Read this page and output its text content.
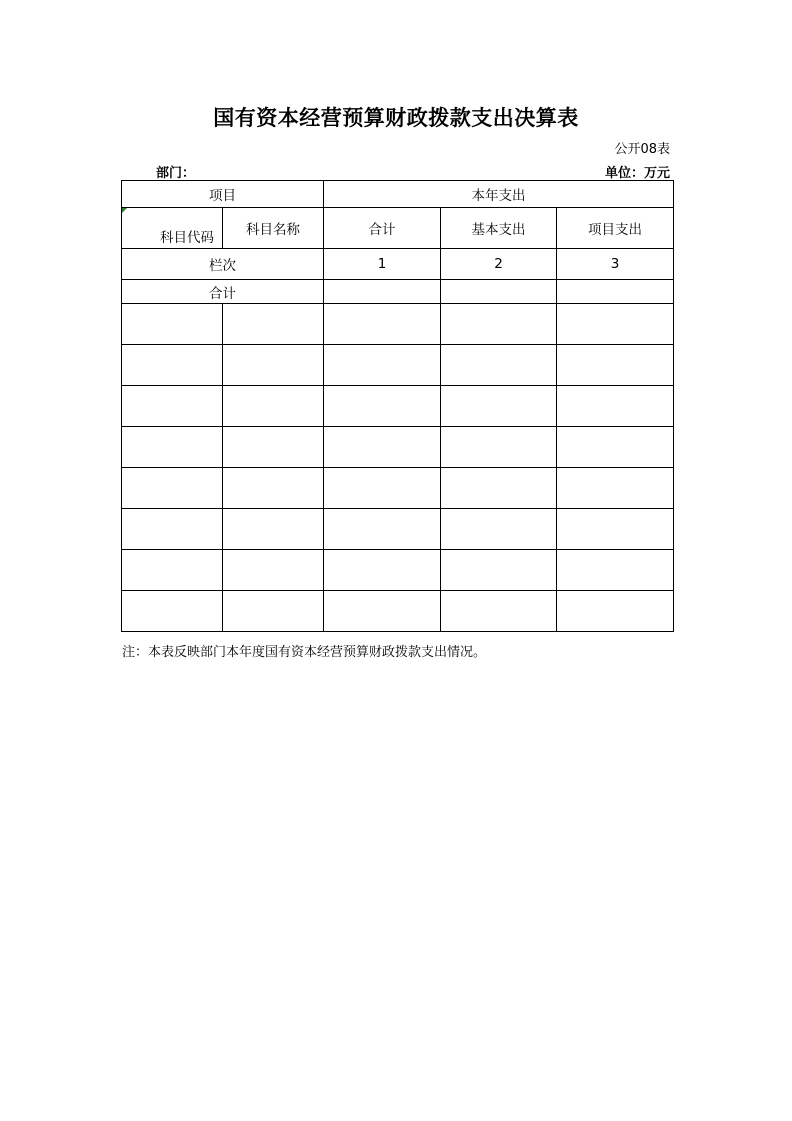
国有资本经营预算财政拨款支出决算表
公开08表
部门：	单位：万元
项目		本年支出		

科目代码	科目名称	合计	基本支出	项目支出
栏次		1	2	3
合计				

注：本表反映部门本年度国有资本经营预算财政拨款支出情况。
